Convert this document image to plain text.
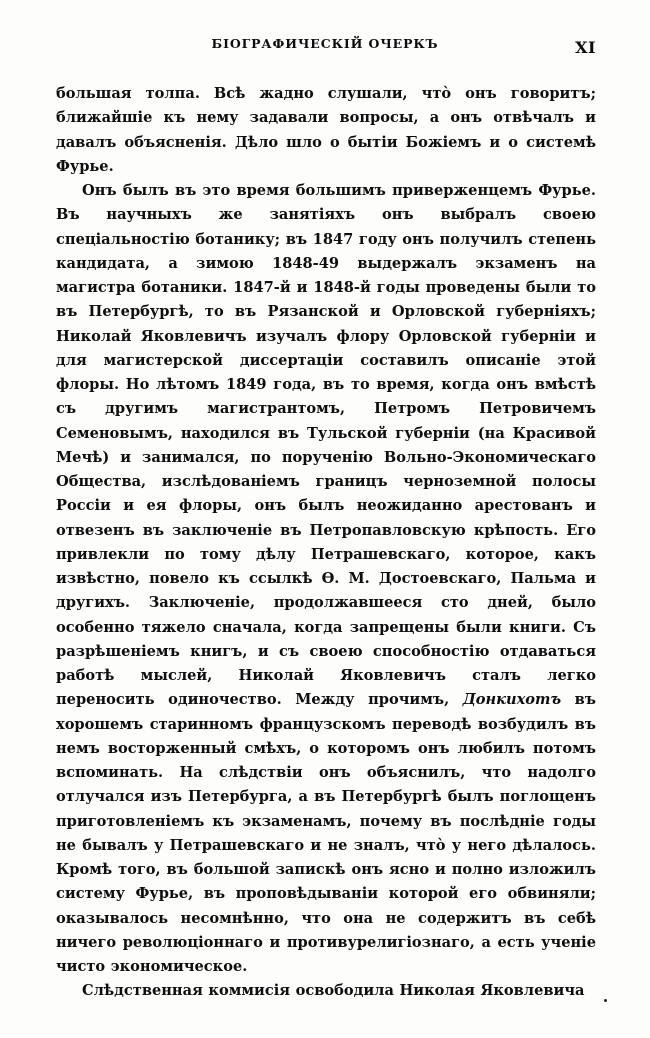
БІОГРАФИЧЕСКІЙ ОЧЕРКЪ	XI

большая толпа. Всѣ жадно слушали, чтò онъ говоритъ; ближайшіе къ нему задавали вопросы, а онъ отвѣчалъ и давалъ объясненія. Дѣло шло о бытіи Божіемъ и о системѣ Фурье.

Онъ былъ въ это время большимъ приверженцемъ Фурье. Въ научныхъ же занятіяхъ онъ выбралъ своею спеціальностію ботанику; въ 1847 году онъ получилъ степень кандидата, а зимою 1848-49 выдержалъ экзаменъ на магистра ботаники. 1847-й и 1848-й годы проведены были то въ Петербургѣ, то въ Рязанской и Орловской губерніяхъ; Николай Яковлевичъ изучалъ флору Орловской губерніи и для магистерской диссертаціи составилъ описаніе этой флоры. Но лѣтомъ 1849 года, въ то время, когда онъ вмѣстѣ съ другимъ магистрантомъ, Петромъ Петровичемъ Семеновымъ, находился въ Тульской губерніи (на Красивой Мечѣ) и занимался, по порученію Вольно-Экономическаго Общества, изслѣдованіемъ границъ черноземной полосы Россіи и ея флоры, онъ былъ неожиданно арестованъ и отвезенъ въ заключеніе въ Петропавловскую крѣпость. Его привлекли по тому дѣлу Петрашевскаго, которое, какъ извѣстно, повело къ ссылкѣ Ѳ. М. Достоевскаго, Пальма и другихъ. Заключеніе, продолжавшееся сто дней, было особенно тяжело сначала, когда запрещены были книги. Съ разрѣшеніемъ книгъ, и съ своею способностію отдаваться работѣ мыслей, Николай Яковлевичъ сталъ легко переносить одиночество. Между прочимъ, Донкихотъ въ хорошемъ старинномъ французскомъ переводѣ возбудилъ въ немъ восторженный смѣхъ, о которомъ онъ любилъ потомъ вспоминать. На слѣдствіи онъ объяснилъ, что надолго отлучался изъ Петербурга, а въ Петербургѣ былъ поглощенъ приготовленіемъ къ экзаменамъ, почему въ послѣдніе годы не бывалъ у Петрашевскаго и не зналъ, чтò у него дѣлалось. Кромѣ того, въ большой запискѣ онъ ясно и полно изложилъ систему Фурье, въ проповѣдываніи которой его обвиняли; оказывалось несомнѣнно, что она не содержитъ въ себѣ ничего революціоннаго и противурелигіознаго, а есть ученіе чисто экономическое.

Слѣдственная коммисія освободила Николая Яковлевича
